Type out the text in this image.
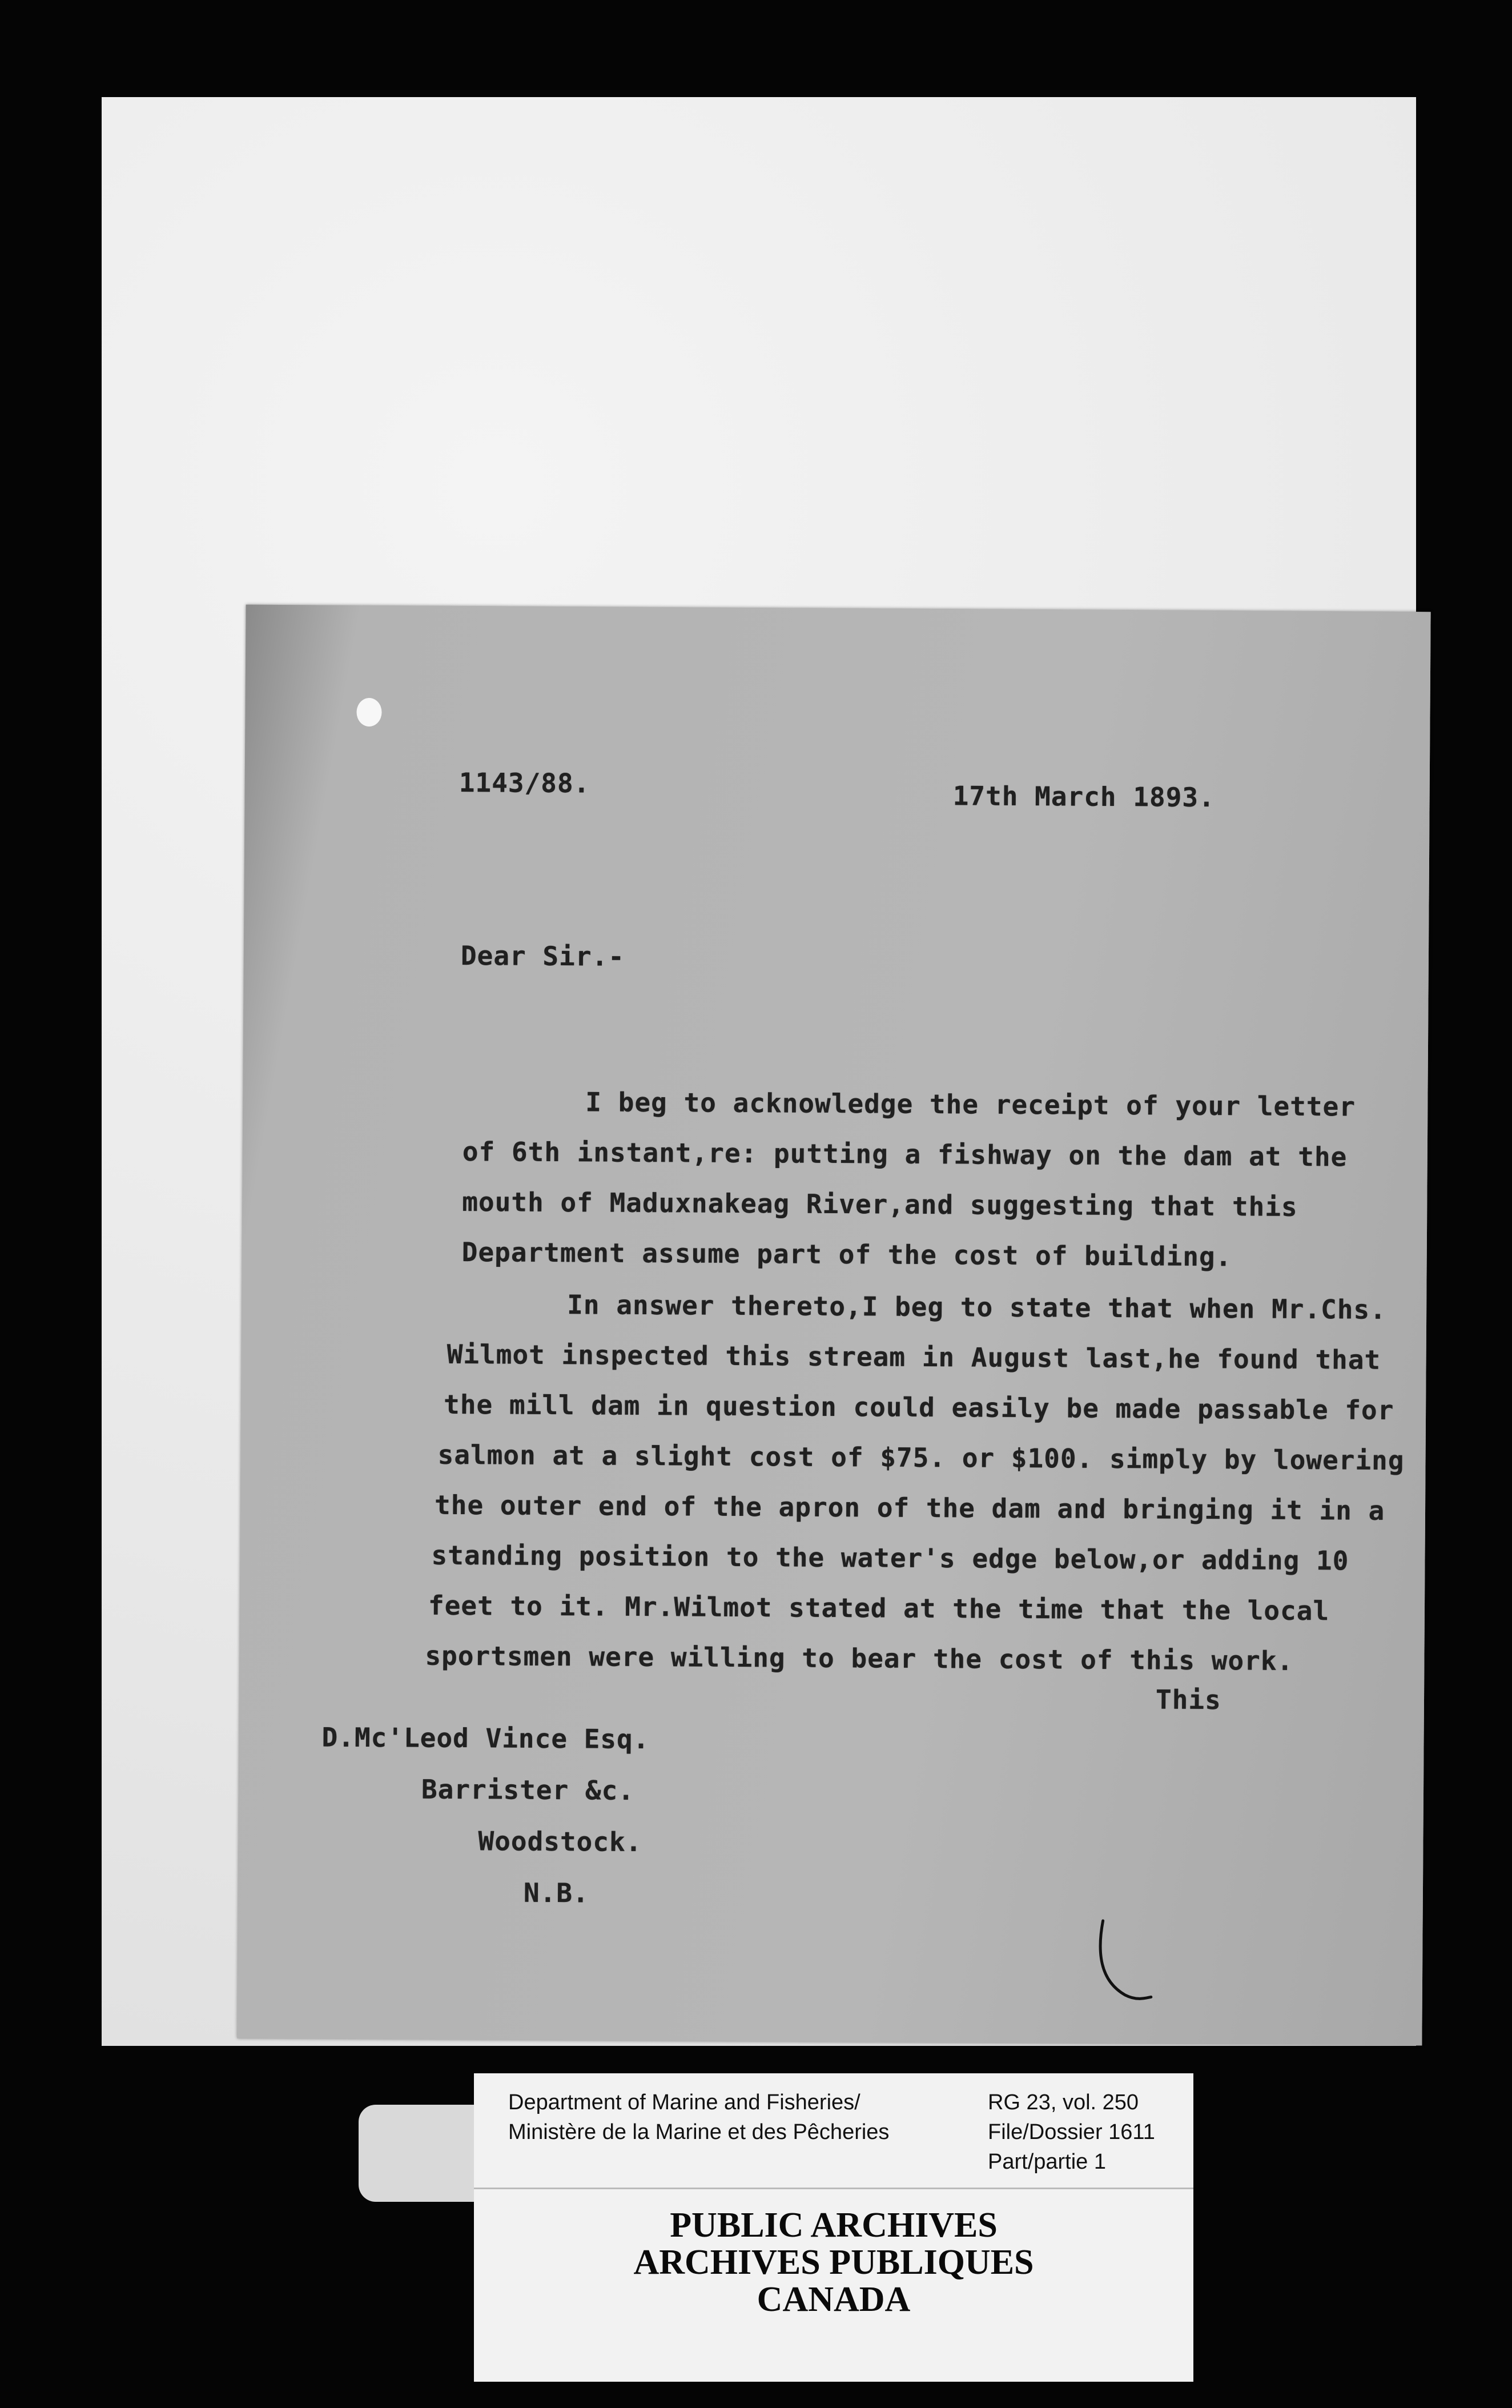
1143/88.	17th March 1893.
Dear Sir.-
I beg to acknowledge the receipt of your letter
of 6th instant,re: putting a fishway on the dam at the
mouth of Maduxnakeag River,and suggesting that this
Department assume part of the cost of building.
In answer thereto,I beg to state that when Mr.Chs.
Wilmot inspected this stream in August last,he found that
the mill dam in question could easily be made passable for
salmon at a slight cost of $75. or $100. simply by lowering
the outer end of the apron of the dam and bringing it in a
standing position to the water's edge below,or adding 10
feet to it. Mr.Wilmot stated at the time that the local
sportsmen were willing to bear the cost of this work.
This
D.Mc'Leod Vince Esq.
Barrister &c.
Woodstock.
N.B.
Department of Marine and Fisheries/
Ministère de la Marine et des Pêcheries
RG 23, vol. 250
File/Dossier 1611
Part/partie 1
PUBLIC ARCHIVES
ARCHIVES PUBLIQUES
CANADA
